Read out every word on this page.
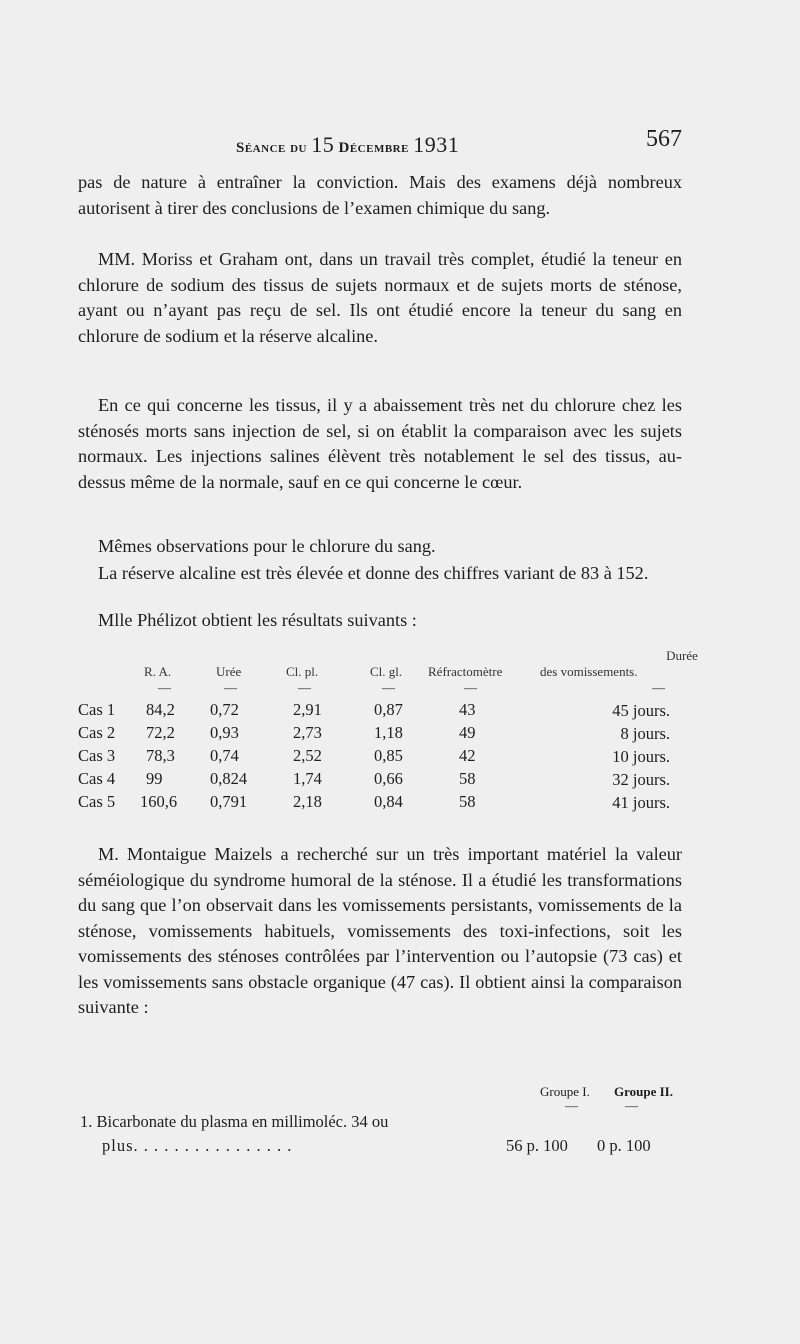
Séance du 15 Décembre 1931	567

pas de nature à entraîner la conviction. Mais des examens déjà nombreux autorisent à tirer des conclusions de l’examen chimique du sang.

MM. Moriss et Graham ont, dans un travail très complet, étudié la teneur en chlorure de sodium des tissus de sujets normaux et de sujets morts de sténose, ayant ou n’ayant pas reçu de sel. Ils ont étudié encore la teneur du sang en chlorure de sodium et la réserve alcaline.

En ce qui concerne les tissus, il y a abaissement très net du chlorure chez les sténosés morts sans injection de sel, si on établit la comparaison avec les sujets normaux. Les injections salines élèvent très notablement le sel des tissus, au-dessus même de la normale, sauf en ce qui concerne le cœur.

Mêmes observations pour le chlorure du sang.

La réserve alcaline est très élevée et donne des chiffres variant de 83 à 152.

Mlle Phélizot obtient les résultats suivants :

Durée
R. A.	Urée	Cl. pl.	Cl. gl. Réfractomètre	des vomissements.
—	—	—	—	—	—
Cas 1 84,2 0,72	2,91	0,87	43	45 jours.
Cas 2 72,2 0,93	2,73	1,18	49	8 jours.
Cas 3 78,3 0,74	2,52	0,85	42	10 jours.
Cas 4 99	0,824	1,74	0,66	58	32 jours.
Cas 5 160,6 0,791	2,18	0,84	58	41 jours.

M. Montaigue Maizels a recherché sur un très important matériel la valeur séméiologique du syndrome humoral de la sténose. Il a étudié les transformations du sang que l’on observait dans les vomissements persistants, vomissements de la sténose, vomissements habituels, vomissements des toxi-infections, soit les vomissements des sténoses contrôlées par l’intervention ou l’autopsie (73 cas) et les vomissements sans obstacle organique (47 cas). Il obtient ainsi la comparaison suivante :

Groupe I. Groupe II.
—	—
1. Bicarbonate du plasma en millimoléc. 34 ou
plus. . . . . . . . . . . . . . . .	56 p. 100 0 p. 100
